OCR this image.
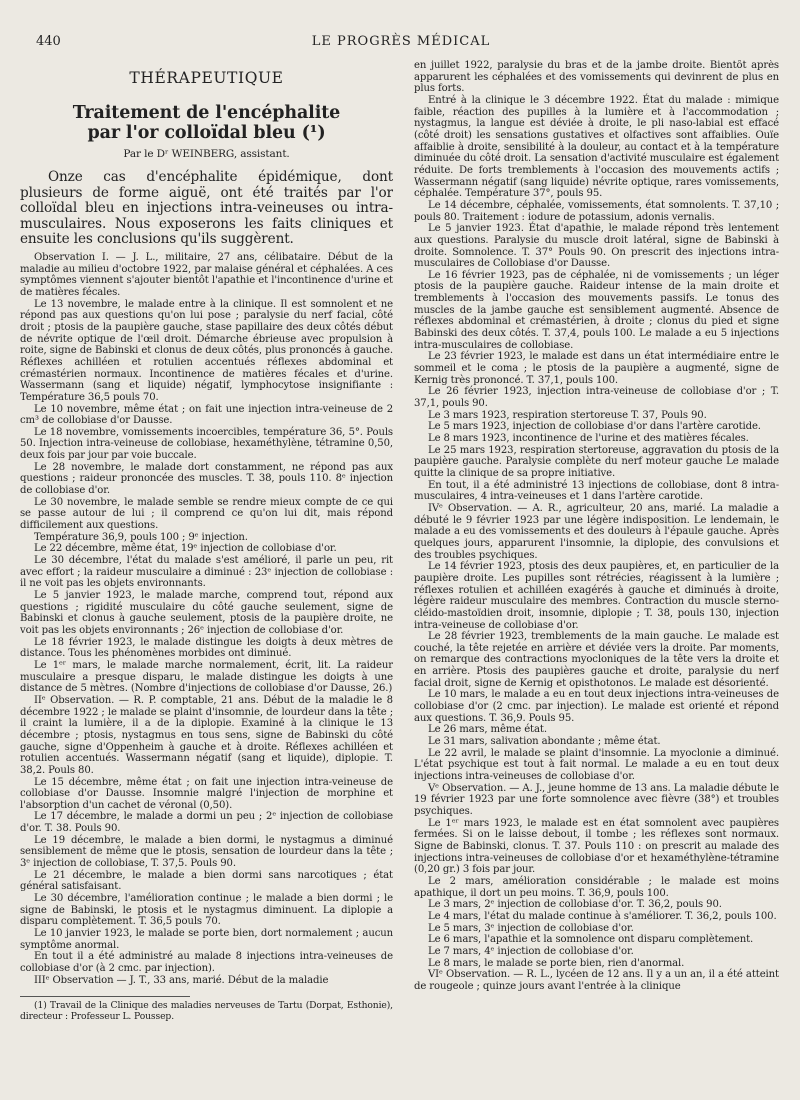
440	LE PROGRÈS MÉDICAL
THÉRAPEUTIQUE
Traitement de l'encéphalite
par l'or colloïdal bleu (¹)
Par le Dʳ WEINBERG, assistant.

Onze cas d'encéphalite épidémique, dont plusieurs de forme aiguë, ont été traités par l'or colloïdal bleu en injections intra-veineuses ou intra-musculaires. Nous exposerons les faits cliniques et ensuite les conclusions qu'ils suggèrent.

Observation I. — J. L., militaire, 27 ans, célibataire. Début de la maladie au milieu d'octobre 1922, par malaise général et céphalées. A ces symptômes viennent s'ajouter bientôt l'apathie et l'incontinence d'urine et de matières fécales.

Le 13 novembre, le malade entre à la clinique. Il est somnolent et ne répond pas aux questions qu'on lui pose ; paralysie du nerf facial, côté droit ; ptosis de la paupière gauche, stase papillaire des deux côtés début de névrite optique de l'œil droit. Démarche ébrieuse avec propulsion à roite, signe de Babinski et clonus de deux côtés, plus prononcés à gauche. Réflexes achilléen et rotulien accentués réflexes abdominal et crémastérien normaux. Incontinence de matières fécales et d'urine. Wassermann (sang et liquide) négatif, lymphocytose insignifiante : Température 36,5 pouls 70.

Le 10 novembre, même état ; on fait une injection intra-veineuse de 2 cm³ de collobiase d'or Dausse.

Le 18 novembre, vomissements incoercibles, température 36, 5°. Pouls 50. Injection intra-veineuse de collobiase, hexaméthylène, tétramine 0,50, deux fois par jour par voie buccale.

Le 28 novembre, le malade dort constamment, ne répond pas aux questions ; raideur prononcée des muscles. T. 38, pouls 110. 8ᵉ injection de collobiase d'or.

Le 30 novembre, le malade semble se rendre mieux compte de ce qui se passe autour de lui ; il comprend ce qu'on lui dit, mais répond difficilement aux questions.

Température 36,9, pouls 100 ; 9ᵉ injection.

Le 22 décembre, même état, 19ᵉ injection de collobiase d'or.

Le 30 décembre, l'état du malade s'est amélioré, il parle un peu, rit avec effort ; la raideur musculaire a diminué : 23ᵉ injection de collobiase : il ne voit pas les objets environnants.

Le 5 janvier 1923, le malade marche, comprend tout, répond aux questions ; rigidité musculaire du côté gauche seulement, signe de Babinski et clonus à gauche seulement, ptosis de la paupière droite, ne voit pas les objets environnants ; 26ᵉ injection de collobiase d'or.

Le 18 février 1923, le malade distingue les doigts à deux mètres de distance. Tous les phénomènes morbides ont diminué.

Le 1ᵉʳ mars, le malade marche normalement, écrit, lit. La raideur musculaire a presque disparu, le malade distingue les doigts à une distance de 5 mètres. (Nombre d'injections de collobiase d'or Dausse, 26.)

IIᵉ Observation. — R. P. comptable, 21 ans. Début de la maladie le 8 décembre 1922 ; le malade se plaint d'insomnie, de lourdeur dans la tête ; il craint la lumière, il a de la diplopie. Examiné à la clinique le 13 décembre ; ptosis, nystagmus en tous sens, signe de Babinski du côté gauche, signe d'Oppenheim à gauche et à droite. Réflexes achilléen et rotulien accentués. Wassermann négatif (sang et liquide), diplopie. T. 38,2. Pouls 80.

Le 15 décembre, même état ; on fait une injection intra-veineuse de collobiase d'or Dausse. Insomnie malgré l'injection de morphine et l'absorption d'un cachet de véronal (0,50).

Le 17 décembre, le malade a dormi un peu ; 2ᵉ injection de collobiase d'or. T. 38. Pouls 90.

Le 19 décembre, le malade a bien dormi, le nystagmus a diminué sensiblement de même que le ptosis, sensation de lourdeur dans la tête ; 3ᵉ injection de collobiase, T. 37,5. Pouls 90.

Le 21 décembre, le malade a bien dormi sans narcotiques ; état général satisfaisant.

Le 30 décembre, l'amélioration continue ; le malade a bien dormi ; le signe de Babinski, le ptosis et le nystagmus diminuent. La diplopie a disparu complètement. T. 36,5 pouls 70.

Le 10 janvier 1923, le malade se porte bien, dort normalement ; aucun symptôme anormal.

En tout il a été administré au malade 8 injections intra-veineuses de collobiase d'or (à 2 cmc. par injection).

IIIᵉ Observation — J. T., 33 ans, marié. Début de la maladie

(1) Travail de la Clinique des maladies nerveuses de Tartu (Dorpat, Esthonie), directeur : Professeur L. Poussep.

en juillet 1922, paralysie du bras et de la jambe droite. Bientôt après apparurent les céphalées et des vomissements qui devinrent de plus en plus forts.

Entré à la clinique le 3 décembre 1922. État du malade : mimique faible, réaction des pupilles à la lumière et à l'accommodation ; nystagmus, la langue est déviée à droite, le pli naso-labial est effacé (côté droit) les sensations gustatives et olfactives sont affaiblies. Ouïe affaiblie à droite, sensibilité à la douleur, au contact et à la température diminuée du côté droit. La sensation d'activité musculaire est également réduite. De forts tremblements à l'occasion des mouvements actifs ; Wassermann négatif (sang liquide) névrite optique, rares vomissements, céphalée. Température 37°, pouls 95.

Le 14 décembre, céphalée, vomissements, état somnolents. T. 37,10 ; pouls 80. Traitement : iodure de potassium, adonis vernalis.

Le 5 janvier 1923. État d'apathie, le malade répond très lentement aux questions. Paralysie du muscle droit latéral, signe de Babinski à droite. Somnolence. T. 37° Pouls 90. On prescrit des injections intra-musculaires de Collobiase d'or Dausse.

Le 16 février 1923, pas de céphalée, ni de vomissements ; un léger ptosis de la paupière gauche. Raideur intense de la main droite et tremblements à l'occasion des mouvements passifs. Le tonus des muscles de la jambe gauche est sensiblement augmenté. Absence de réflexes abdominal et crémastérien, à droite ; clonus du pied et signe Babinski des deux côtés. T. 37,4, pouls 100. Le malade a eu 5 injections intra-musculaires de collobiase.

Le 23 février 1923, le malade est dans un état intermédiaire entre le sommeil et le coma ; le ptosis de la paupière a augmenté, signe de Kernig très prononcé. T. 37,1, pouls 100.

Le 26 février 1923, injection intra-veineuse de collobiase d'or ; T. 37,1, pouls 90.

Le 3 mars 1923, respiration stertoreuse T. 37, Pouls 90.

Le 5 mars 1923, injection de collobiase d'or dans l'artère carotide.

Le 8 mars 1923, incontinence de l'urine et des matières fécales.

Le 25 mars 1923, respiration stertoreuse, aggravation du ptosis de la paupière gauche. Paralysie complète du nerf moteur gauche Le malade quitte la clinique de sa propre initiative.

En tout, il a été administré 13 injections de collobiase, dont 8 intra-musculaires, 4 intra-veineuses et 1 dans l'artère carotide.

IVᵉ Observation. — A. R., agriculteur, 20 ans, marié. La maladie a débuté le 9 février 1923 par une légère indisposition. Le lendemain, le malade a eu des vomissements et des douleurs à l'épaule gauche. Après quelques jours, apparurent l'insomnie, la diplopie, des convulsions et des troubles psychiques.

Le 14 février 1923, ptosis des deux paupières, et, en particulier de la paupière droite. Les pupilles sont rétrécies, réagissent à la lumière ; réflexes rotulien et achilléen exagérés à gauche et diminués à droite, légère raideur musculaire des membres. Contraction du muscle sterno-cléido-mastoïdien droit, insomnie, diplopie ; T. 38, pouls 130, injection intra-veineuse de collobiase d'or.

Le 28 février 1923, tremblements de la main gauche. Le malade est couché, la tête rejetée en arrière et déviée vers la droite. Par moments, on remarque des contractions myocloniques de la tête vers la droite et en arrière. Ptosis des paupières gauche et droite, paralysie du nerf facial droit, signe de Kernig et opisthotonos. Le malade est désorienté.

Le 10 mars, le malade a eu en tout deux injections intra-veineuses de collobiase d'or (2 cmc. par injection). Le malade est orienté et répond aux questions. T. 36,9. Pouls 95.

Le 26 mars, même état.

Le 31 mars, salivation abondante ; même état.

Le 22 avril, le malade se plaint d'insomnie. La myoclonie a diminué. L'état psychique est tout à fait normal. Le malade a eu en tout deux injections intra-veineuses de collobiase d'or.

Vᵉ Observation. — A. J., jeune homme de 13 ans. La maladie débute le 19 février 1923 par une forte somnolence avec fièvre (38°) et troubles psychiques.

Le 1ᵉʳ mars 1923, le malade est en état somnolent avec paupières fermées. Si on le laisse debout, il tombe ; les réflexes sont normaux. Signe de Babinski, clonus. T. 37. Pouls 110 : on prescrit au malade des injections intra-veineuses de collobiase d'or et hexaméthylène-tétramine (0,20 gr.) 3 fois par jour.

Le 2 mars, amélioration considérable ; le malade est moins apathique, il dort un peu moins. T. 36,9, pouls 100.

Le 3 mars, 2ᵉ injection de collobiase d'or. T. 36,2, pouls 90.

Le 4 mars, l'état du malade continue à s'améliorer. T. 36,2, pouls 100.

Le 5 mars, 3ᵉ injection de collobiase d'or.

Le 6 mars, l'apathie et la somnolence ont disparu complètement.

Le 7 mars, 4ᵉ injection de collobiase d'or.

Le 8 mars, le malade se porte bien, rien d'anormal.

VIᵉ Observation. — R. L., lycéen de 12 ans. Il y a un an, il a été atteint de rougeole ; quinze jours avant l'entrée à la clinique
